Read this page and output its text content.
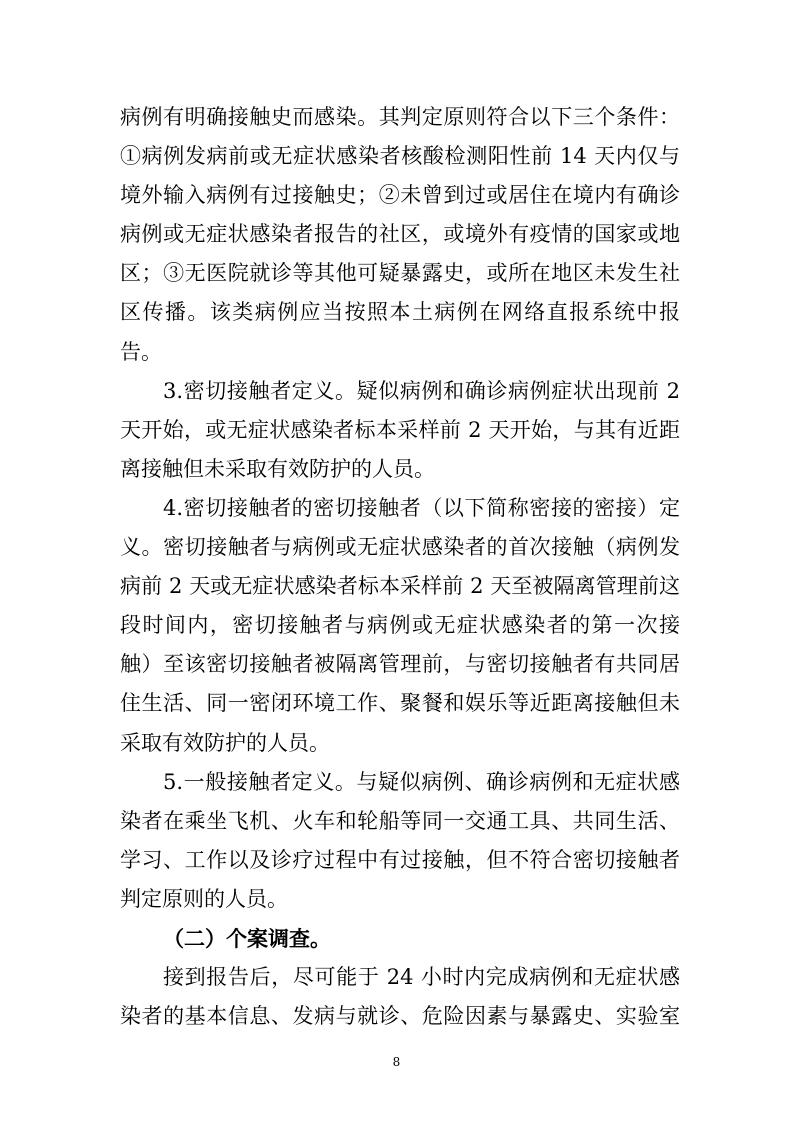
病例有明确接触史而感染。其判定原则符合以下三个条件：
①病例发病前或无症状感染者核酸检测阳性前 14 天内仅与
境外输入病例有过接触史；②未曾到过或居住在境内有确诊
病例或无症状感染者报告的社区，或境外有疫情的国家或地
区；③无医院就诊等其他可疑暴露史，或所在地区未发生社
区传播。该类病例应当按照本土病例在网络直报系统中报
告。
3.密切接触者定义。疑似病例和确诊病例症状出现前 2
天开始，或无症状感染者标本采样前 2 天开始，与其有近距
离接触但未采取有效防护的人员。
4.密切接触者的密切接触者（以下简称密接的密接）定
义。密切接触者与病例或无症状感染者的首次接触（病例发
病前 2 天或无症状感染者标本采样前 2 天至被隔离管理前这
段时间内，密切接触者与病例或无症状感染者的第一次接
触）至该密切接触者被隔离管理前，与密切接触者有共同居
住生活、同一密闭环境工作、聚餐和娱乐等近距离接触但未
采取有效防护的人员。
5.一般接触者定义。与疑似病例、确诊病例和无症状感
染者在乘坐飞机、火车和轮船等同一交通工具、共同生活、
学习、工作以及诊疗过程中有过接触，但不符合密切接触者
判定原则的人员。
（二）个案调查。
接到报告后，尽可能于 24 小时内完成病例和无症状感
染者的基本信息、发病与就诊、危险因素与暴露史、实验室
8
